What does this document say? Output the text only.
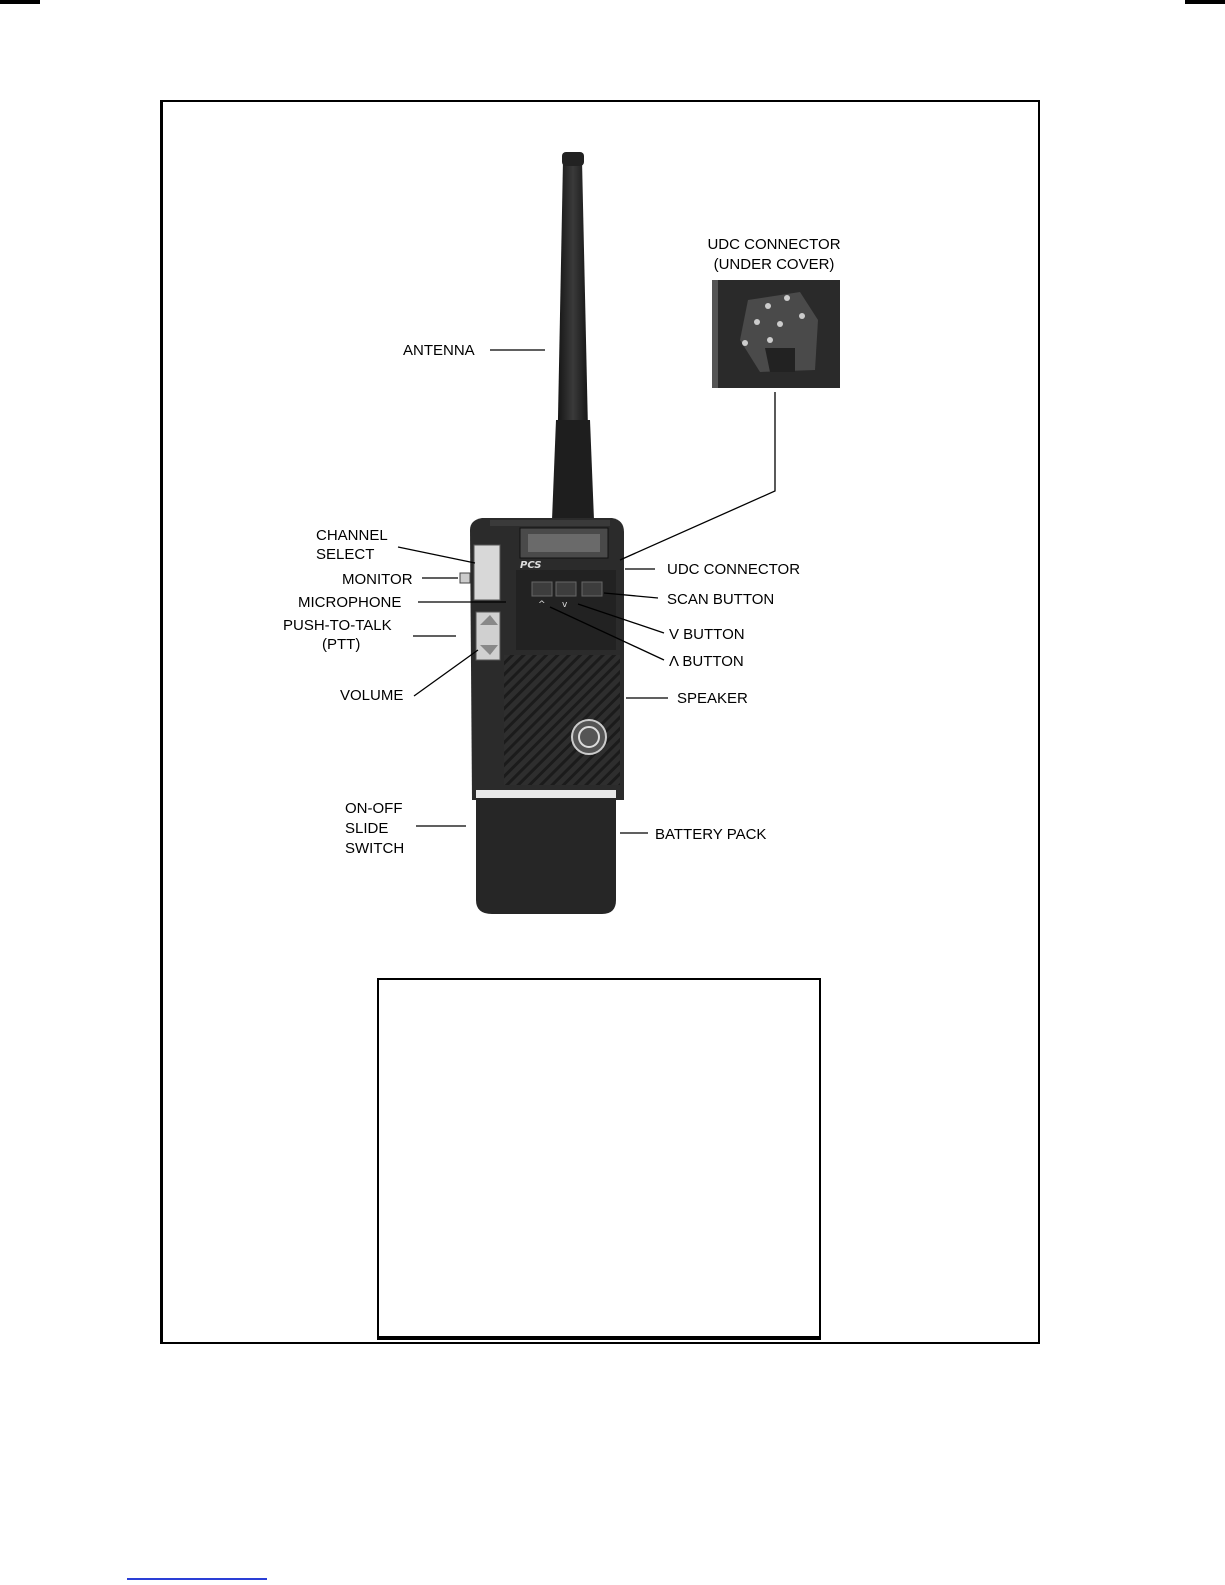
^ v
PCS
UDC CONNECTOR
(UNDER COVER)
ANTENNA
CHANNEL
SELECT
MONITOR
MICROPHONE
PUSH-TO-TALK
(PTT)
VOLUME
ON-OFF
SLIDE
SWITCH
UDC CONNECTOR
SCAN BUTTON
V BUTTON
Λ BUTTON
SPEAKER
BATTERY PACK
